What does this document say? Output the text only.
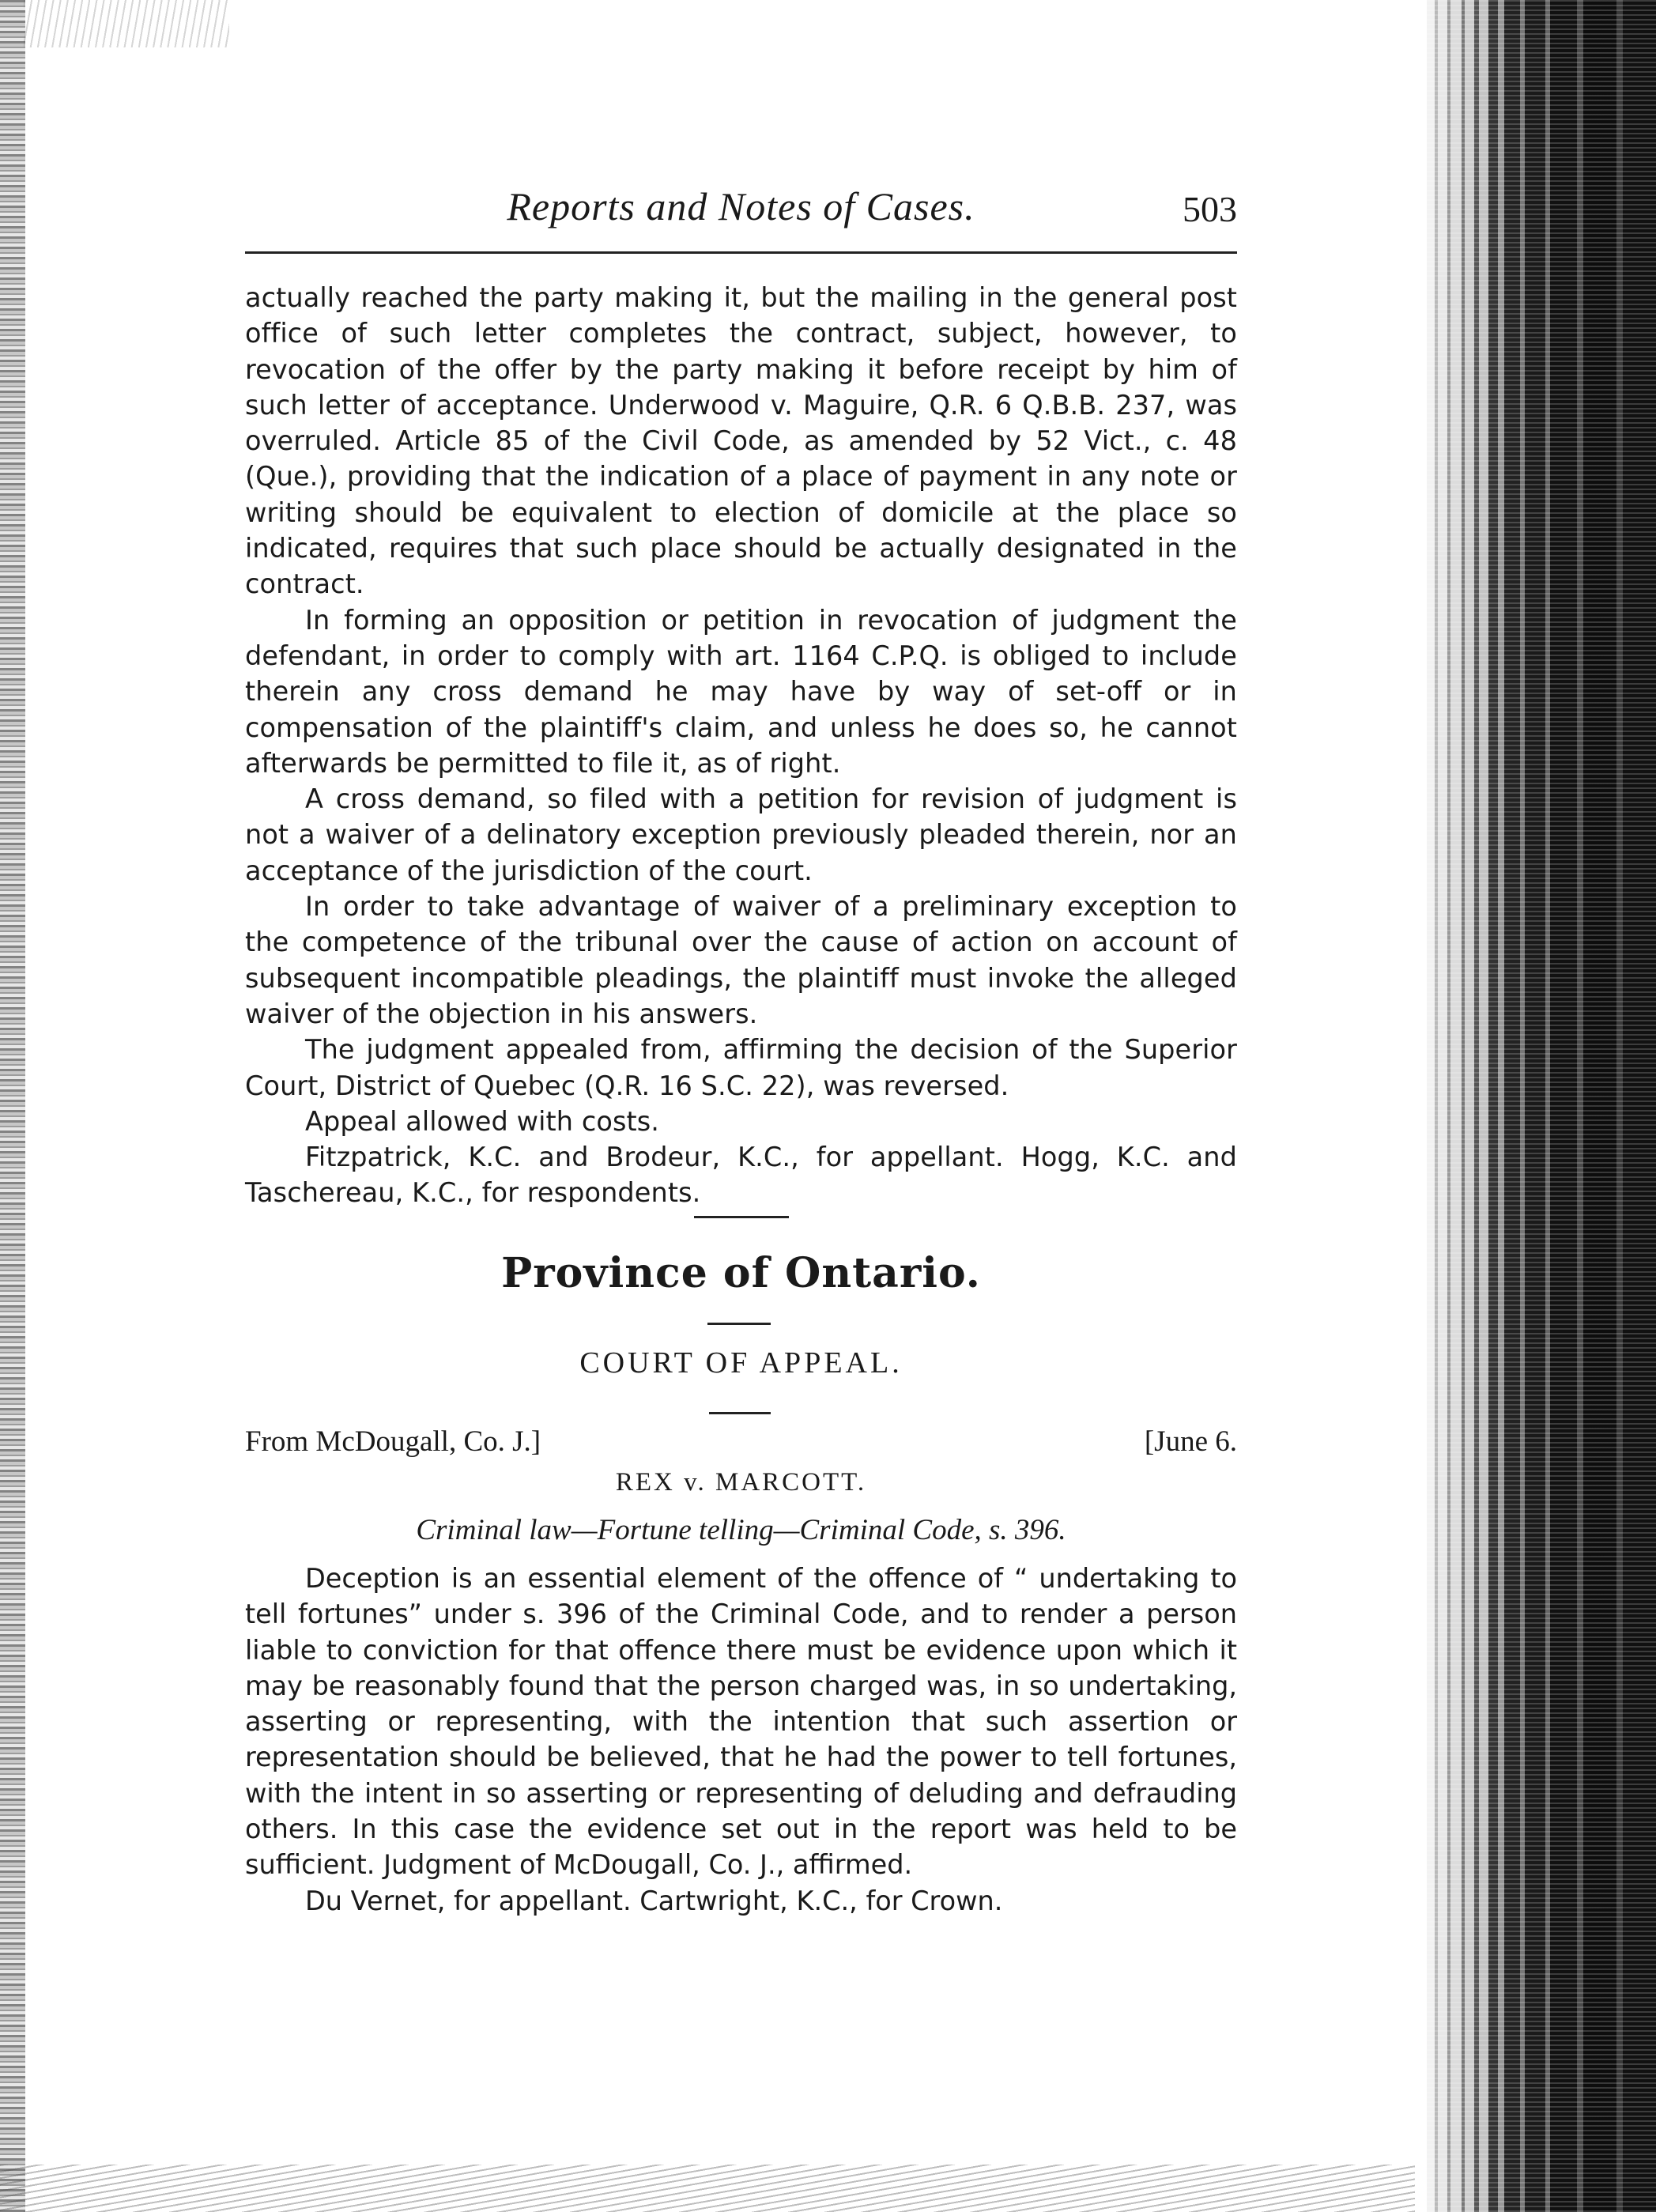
Reports and Notes of Cases.	503

actually reached the party making it, but the mailing in the general post office of such letter completes the contract, subject, however, to revocation of the offer by the party making it before receipt by him of such letter of acceptance. Underwood v. Maguire, Q.R. 6 Q.B.B. 237, was overruled. Article 85 of the Civil Code, as amended by 52 Vict., c. 48 (Que.), providing that the indication of a place of payment in any note or writing should be equivalent to election of domicile at the place so indicated, requires that such place should be actually designated in the contract.

In forming an opposition or petition in revocation of judgment the defendant, in order to comply with art. 1164 C.P.Q. is obliged to include therein any cross demand he may have by way of set-off or in compensation of the plaintiff's claim, and unless he does so, he cannot afterwards be permitted to file it, as of right.

A cross demand, so filed with a petition for revision of judgment is not a waiver of a delinatory exception previously pleaded therein, nor an acceptance of the jurisdiction of the court.

In order to take advantage of waiver of a preliminary exception to the competence of the tribunal over the cause of action on account of subsequent incompatible pleadings, the plaintiff must invoke the alleged waiver of the objection in his answers.

The judgment appealed from, affirming the decision of the Superior Court, District of Quebec (Q.R. 16 S.C. 22), was reversed.

Appeal allowed with costs.

Fitzpatrick, K.C. and Brodeur, K.C., for appellant. Hogg, K.C. and Taschereau, K.C., for respondents.

Province of Ontario.
COURT OF APPEAL.
From McDougall, Co. J.]	[June 6.
REX v. MARCOTT.
Criminal law—Fortune telling—Criminal Code, s. 396.

Deception is an essential element of the offence of “ undertaking to tell fortunes” under s. 396 of the Criminal Code, and to render a person liable to conviction for that offence there must be evidence upon which it may be reasonably found that the person charged was, in so undertaking, asserting or representing, with the intention that such assertion or representation should be believed, that he had the power to tell fortunes, with the intent in so asserting or representing of deluding and defrauding others. In this case the evidence set out in the report was held to be sufficient. Judgment of McDougall, Co. J., affirmed.

Du Vernet, for appellant. Cartwright, K.C., for Crown.
